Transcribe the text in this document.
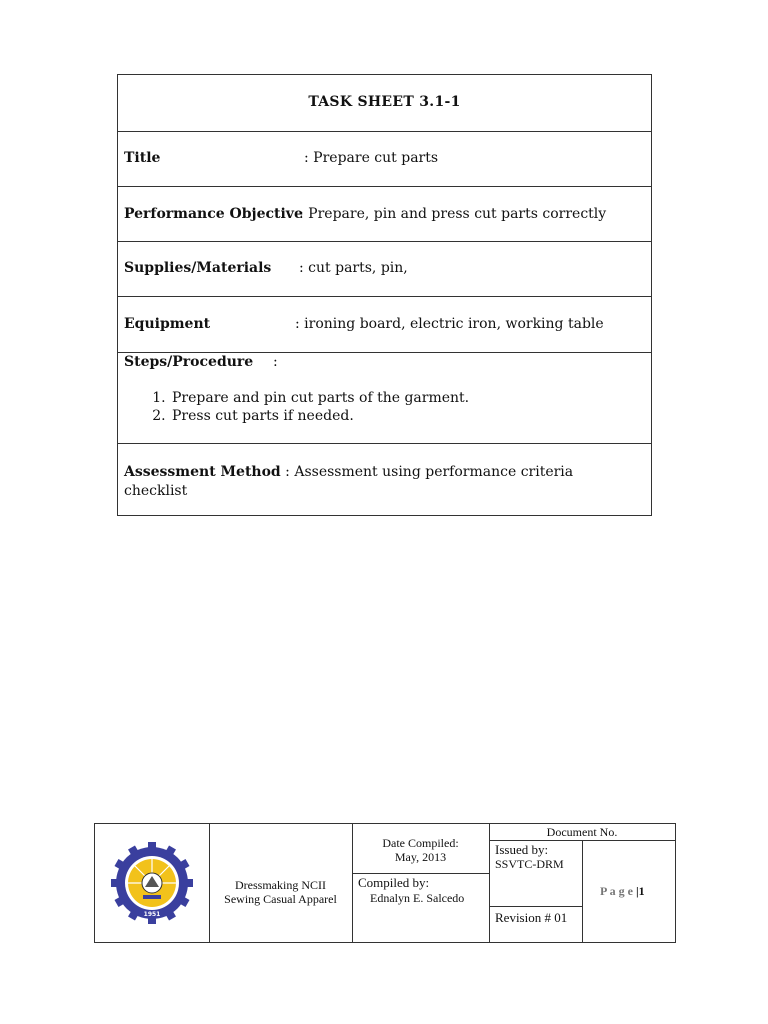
TASK SHEET 3.1-1
Title	: Prepare cut parts
Performance Objective
: Prepare, pin and press cut parts correctly
Supplies/Materials : cut parts, pin,
Equipment	: ironing board, electric iron, working table
Steps/Procedure :
1. Prepare and pin cut parts of the garment.
2. Press cut parts if needed.
Assessment Method : Assessment using performance criteria checklist
1951
Dressmaking NCII
Sewing Casual Apparel
Date Compiled:
May, 2013
Compiled by:
Ednalyn E. Salcedo
Document No.
Issued by:
SSVTC-DRM
Revision # 01
P a g e |1
